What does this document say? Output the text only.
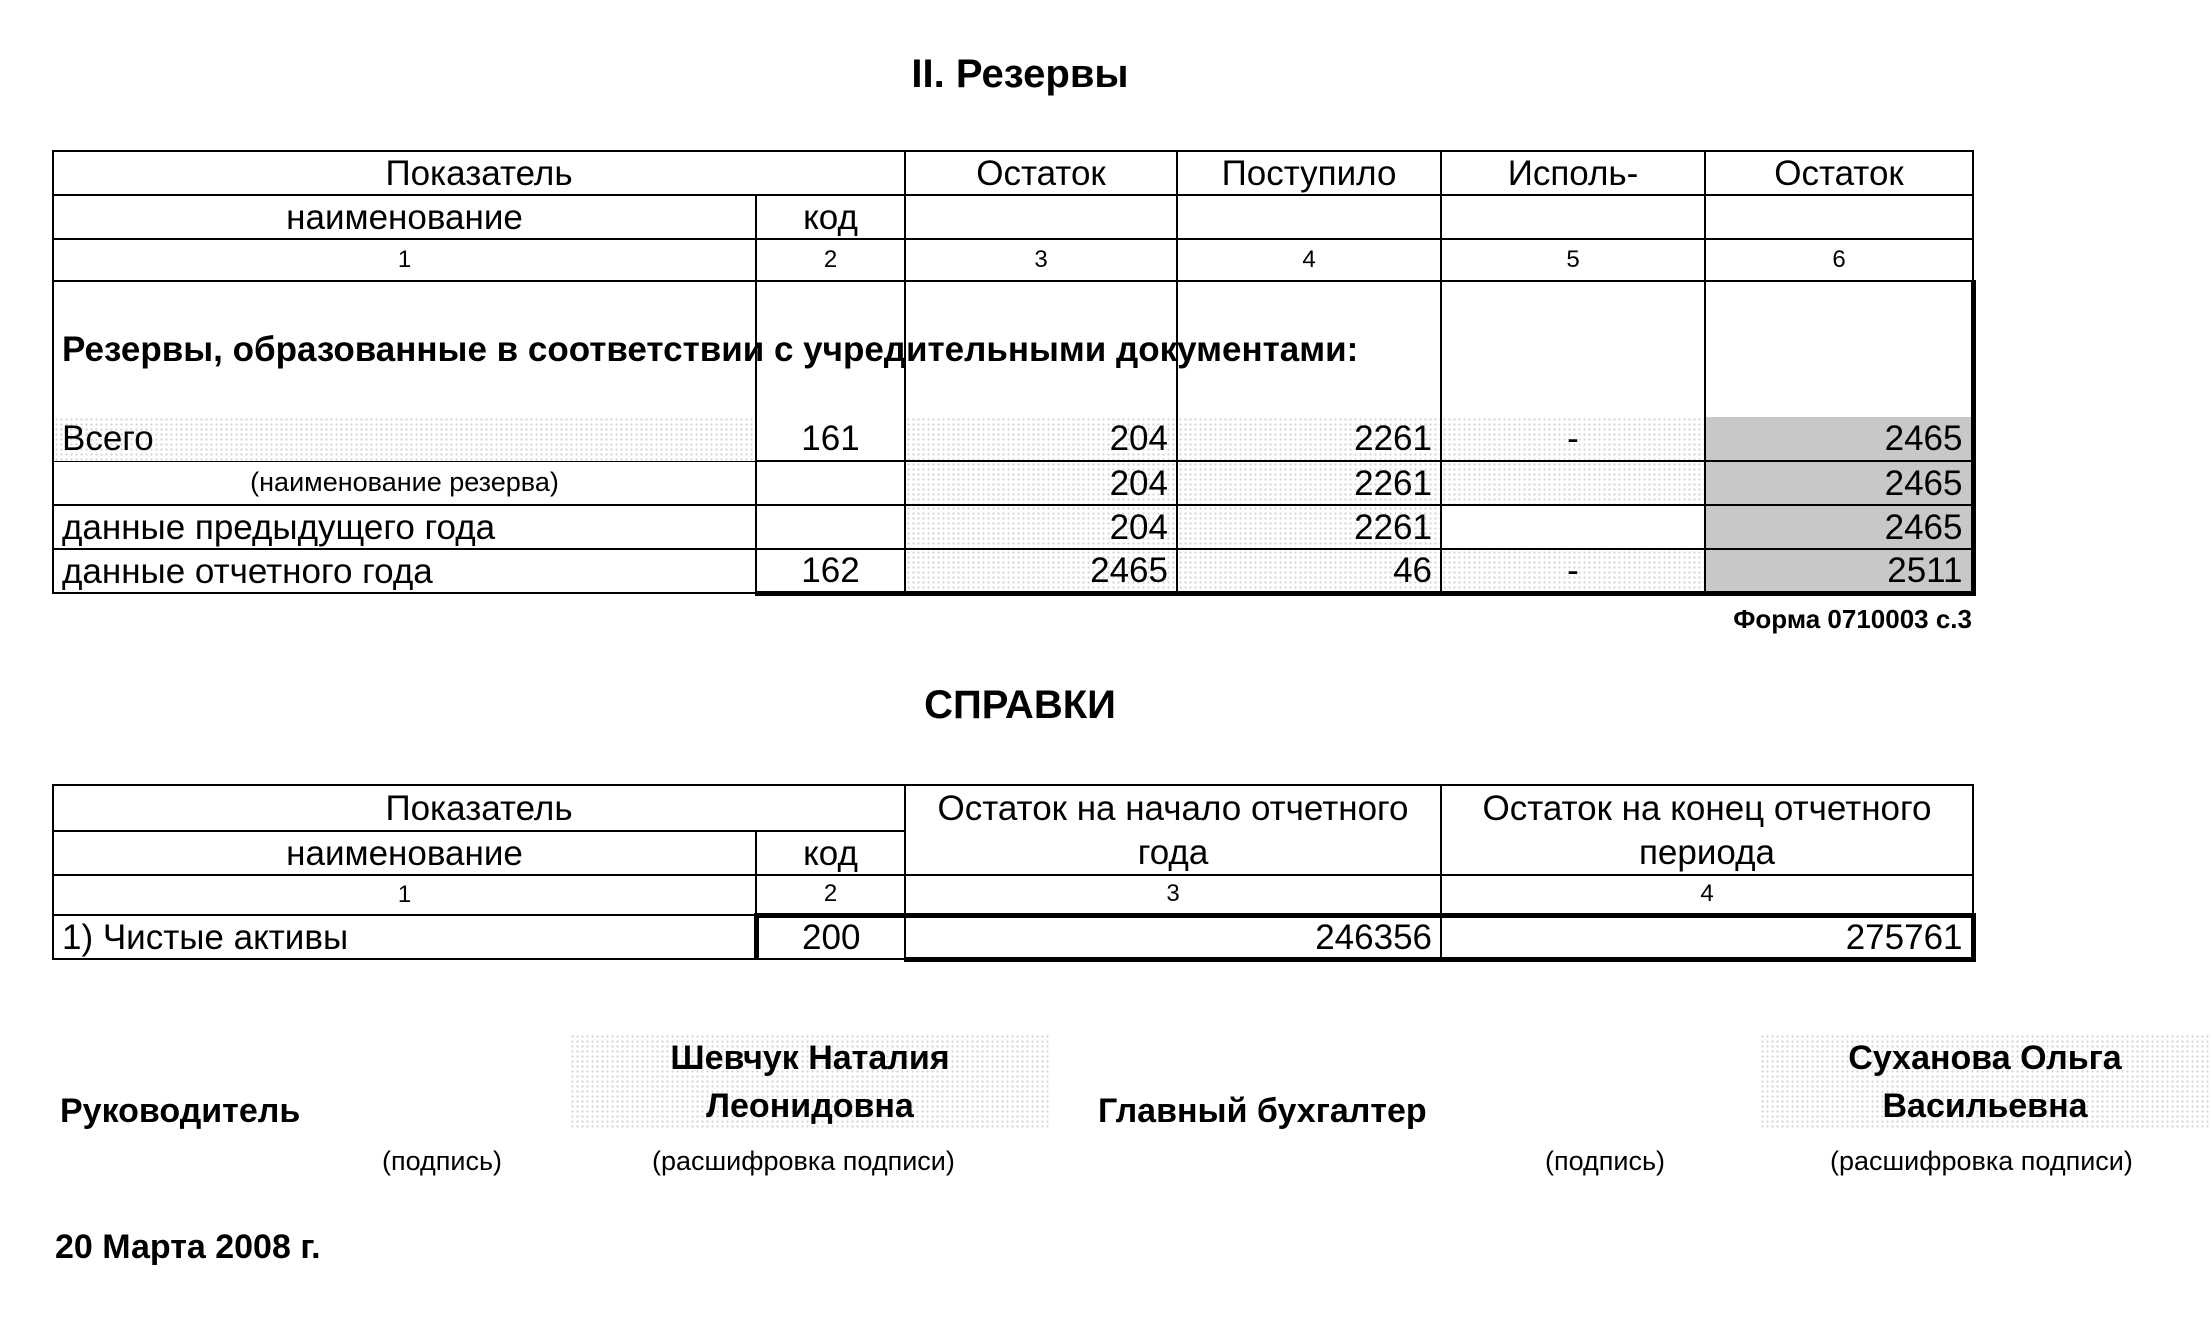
II. Резервы
Показатель		Остаток	Поступило	Исполь-	Остаток
наименование	код				
1	2	3	4	5	6
Резервы, образованные в соответствии с учредительными документами:					
Всего	161	204	2261	-	2465
(наименование резерва)		204	2261		2465
данные предыдущего года		204	2261		2465
данные отчетного года	162	2465	46	-	2511
Форма 0710003 с.3
СПРАВКИ
Показатель		Остаток на начало отчетного	Остаток на конец отчетного
наименование	код	года	периода
1	2	3	4
1) Чистые активы	200	246356	275761
Руководитель
Шевчук Наталия
Леонидовна
(подпись)	(расшифровка подписи)
Главный бухгалтер
Суханова Ольга
Васильевна
(подпись)	(расшифровка подписи)
20 Марта 2008 г.
